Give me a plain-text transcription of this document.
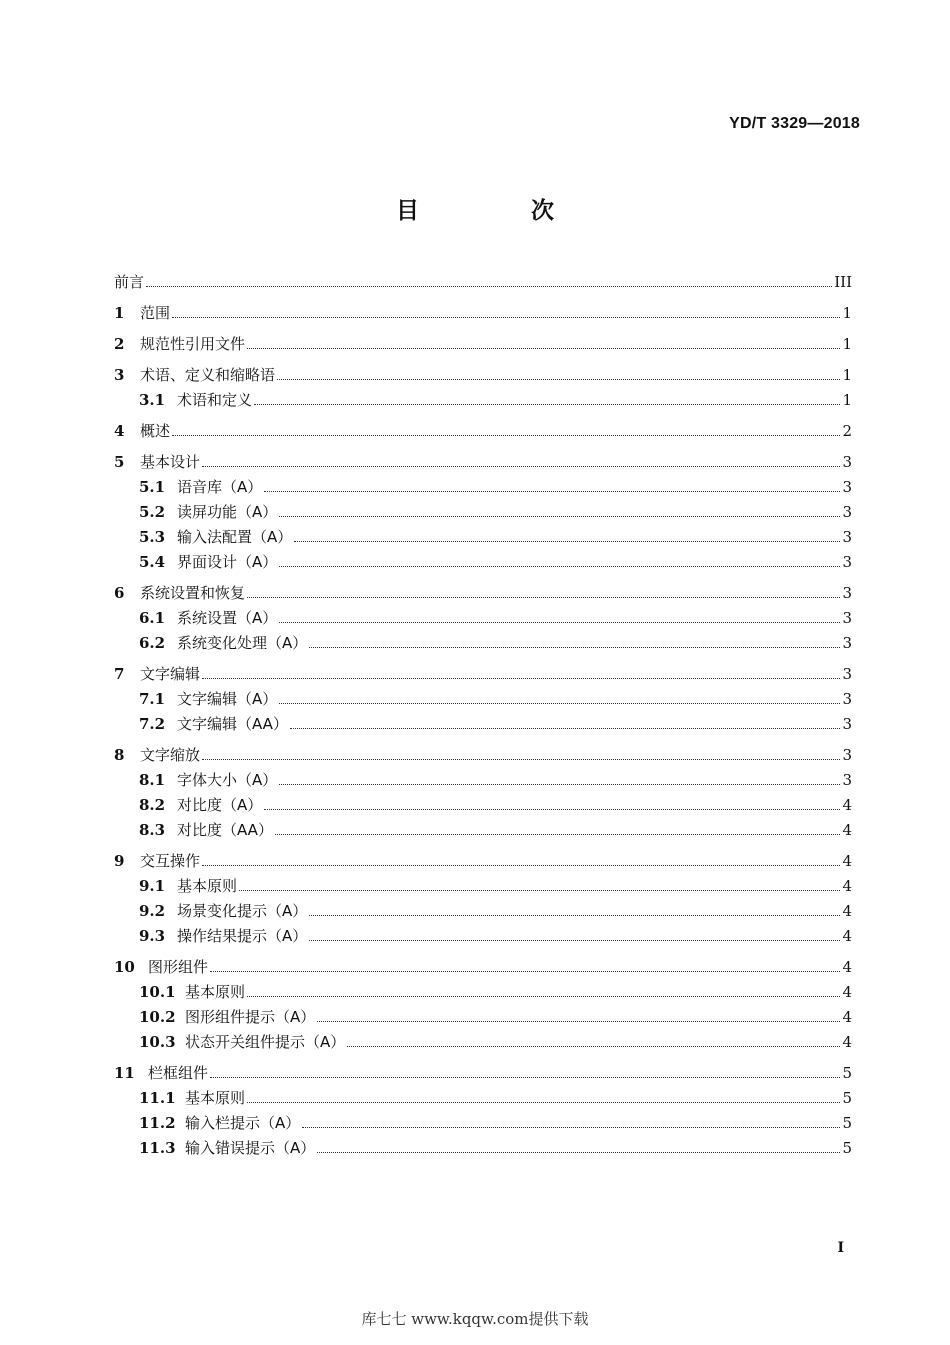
YD/T 3329—2018
目 次
前言	III
1	范围	1
2	规范性引用文件	1
3	术语、定义和缩略语	1
3.1 术语和定义	1
4	概述	2
5	基本设计	3
5.1 语音库（A）	3
5.2 读屏功能（A）	3
5.3 输入法配置（A）	3
5.4 界面设计（A）	3
6	系统设置和恢复	3
6.1 系统设置（A）	3
6.2 系统变化处理（A）	3
7	文字编辑	3
7.1 文字编辑（A）	3
7.2 文字编辑（AA）	3
8	文字缩放	3
8.1 字体大小（A）	3
8.2 对比度（A）	4
8.3 对比度（AA）	4
9	交互操作	4
9.1 基本原则	4
9.2 场景变化提示（A）	4
9.3 操作结果提示（A）	4
10 图形组件	4
10.1 基本原则	4
10.2 图形组件提示（A）	4
10.3 状态开关组件提示（A）	4
11 栏框组件	5
11.1 基本原则	5
11.2 输入栏提示（A）	5
11.3 输入错误提示（A）	5
I
库七七 www.kqqw.com提供下载
